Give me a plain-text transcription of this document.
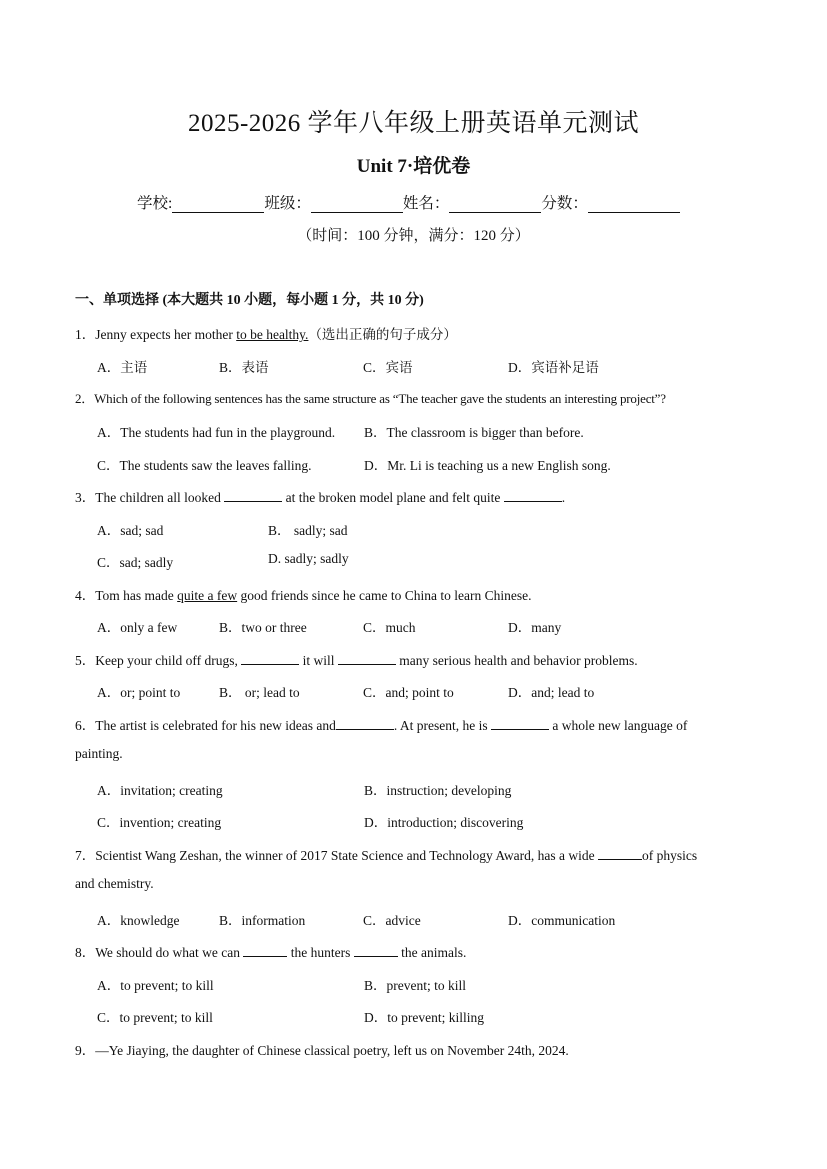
2025-2026 学年八年级上册英语单元测试
Unit 7·培优卷
学校:	班级：	姓名：	分数：
（时间：100 分钟，满分：120 分）
一、单项选择 (本大题共 10 小题，每小题 1 分，共 10 分)
1．Jenny expects her mother to be healthy.（选出正确的句子成分）
A．主语	B．表语	C．宾语	D．宾语补足语
2．Which of the following sentences has the same structure as “The teacher gave the students an interesting project”?
A．The students had fun in the playground. B．The classroom is bigger than before.
C．The students saw the leaves falling.	D．Mr. Li is teaching us a new English song.
3．The children all looked	at the broken model plane and felt quite	.
A．sad; sad	B． sadly; sad
C．sad; sadly	D. sadly; sadly
4．Tom has made quite a few good friends since he came to China to learn Chinese.
A．only a few	B．two or three	C．much	D．many
5．Keep your child off drugs,	it will	many serious health and behavior problems.
A．or; point to	B． or; lead to	C．and; point to	D．and; lead to
6．The artist is celebrated for his new ideas and	. At present, he is	a whole new language of
painting.
A．invitation; creating	B．instruction; developing
C．invention; creating	D．introduction; discovering
7．Scientist Wang Zeshan, the winner of 2017 State Science and Technology Award, has a wide	of physics
and chemistry.
A．knowledge	B．information	C．advice	D．communication
8．We should do what we can	the hunters	the animals.
A．to prevent; to kill	B．prevent; to kill
C．to prevent; to kill	D．to prevent; killing
9．—Ye Jiaying, the daughter of Chinese classical poetry, left us on November 24th, 2024.
